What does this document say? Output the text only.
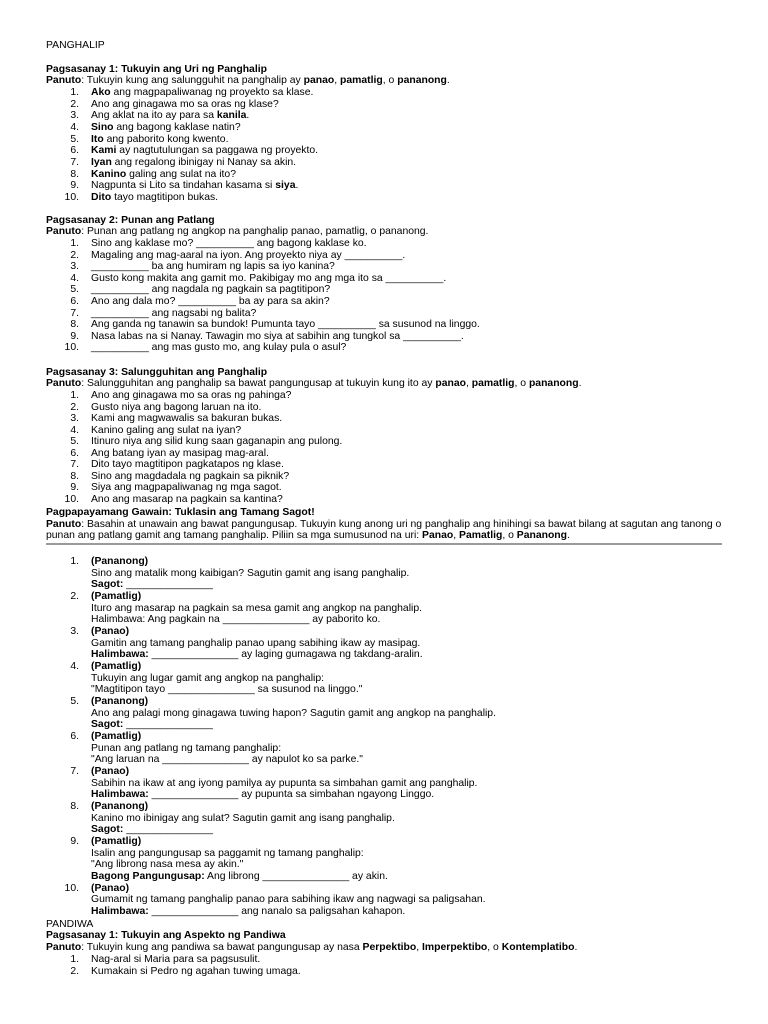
PANGHALIP
Pagsasanay 1: Tukuyin ang Uri ng Panghalip
Panuto: Tukuyin kung ang salungguhit na panghalip ay panao, pamatlig, o pananong.
1. Ako ang magpapaliwanag ng proyekto sa klase.
2. Ano ang ginagawa mo sa oras ng klase?
3. Ang aklat na ito ay para sa kanila.
4. Sino ang bagong kaklase natin?
5. Ito ang paborito kong kwento.
6. Kami ay nagtutulungan sa paggawa ng proyekto.
7. Iyan ang regalong ibinigay ni Nanay sa akin.
8. Kanino galing ang sulat na ito?
9. Nagpunta si Lito sa tindahan kasama si siya.
10. Dito tayo magtitipon bukas.
Pagsasanay 2: Punan ang Patlang
Panuto: Punan ang patlang ng angkop na panghalip panao, pamatlig, o pananong.
1. Sino ang kaklase mo? __________ ang bagong kaklase ko.
2. Magaling ang mag-aaral na iyon. Ang proyekto niya ay __________.
3. __________ ba ang humiram ng lapis sa iyo kanina?
4. Gusto kong makita ang gamit mo. Pakibigay mo ang mga ito sa __________.
5. __________ ang nagdala ng pagkain sa pagtitipon?
6. Ano ang dala mo? __________ ba ay para sa akin?
7. __________ ang nagsabi ng balita?
8. Ang ganda ng tanawin sa bundok! Pumunta tayo __________ sa susunod na linggo.
9. Nasa labas na si Nanay. Tawagin mo siya at sabihin ang tungkol sa __________.
10. __________ ang mas gusto mo, ang kulay pula o asul?
Pagsasanay 3: Salungguhitan ang Panghalip
Panuto: Salungguhitan ang panghalip sa bawat pangungusap at tukuyin kung ito ay panao, pamatlig, o pananong.
1. Ano ang ginagawa mo sa oras ng pahinga?
2. Gusto niya ang bagong laruan na ito.
3. Kami ang magwawalis sa bakuran bukas.
4. Kanino galing ang sulat na iyan?
5. Itinuro niya ang silid kung saan gaganapin ang pulong.
6. Ang batang iyan ay masipag mag-aral.
7. Dito tayo magtitipon pagkatapos ng klase.
8. Sino ang magdadala ng pagkain sa piknik?
9. Siya ang magpapaliwanag ng mga sagot.
10. Ano ang masarap na pagkain sa kantina?
Pagpapayamang Gawain: Tuklasin ang Tamang Sagot!
Panuto: Basahin at unawain ang bawat pangungusap. Tukuyin kung anong uri ng panghalip ang hinihingi sa bawat bilang at sagutan ang tanong o
punan ang patlang gamit ang tamang panghalip. Piliin sa mga sumusunod na uri: Panao, Pamatlig, o Pananong.
1. (Pananong)
Sino ang matalik mong kaibigan? Sagutin gamit ang isang panghalip.
Sagot: _______________
2. (Pamatlig)
Ituro ang masarap na pagkain sa mesa gamit ang angkop na panghalip.
Halimbawa: Ang pagkain na _______________ ay paborito ko.
3. (Panao)
Gamitin ang tamang panghalip panao upang sabihing ikaw ay masipag.
Halimbawa: _______________ ay laging gumagawa ng takdang-aralin.
4. (Pamatlig)
Tukuyin ang lugar gamit ang angkop na panghalip:
"Magtitipon tayo _______________ sa susunod na linggo."
5. (Pananong)
Ano ang palagi mong ginagawa tuwing hapon? Sagutin gamit ang angkop na panghalip.
Sagot: _______________
6. (Pamatlig)
Punan ang patlang ng tamang panghalip:
"Ang laruan na _______________ ay napulot ko sa parke."
7. (Panao)
Sabihin na ikaw at ang iyong pamilya ay pupunta sa simbahan gamit ang panghalip.
Halimbawa: _______________ ay pupunta sa simbahan ngayong Linggo.
8. (Pananong)
Kanino mo ibinigay ang sulat? Sagutin gamit ang isang panghalip.
Sagot: _______________
9. (Pamatlig)
Isalin ang pangungusap sa paggamit ng tamang panghalip:
"Ang librong nasa mesa ay akin."
Bagong Pangungusap: Ang librong _______________ ay akin.
10. (Panao)
Gumamit ng tamang panghalip panao para sabihing ikaw ang nagwagi sa paligsahan.
Halimbawa: _______________ ang nanalo sa paligsahan kahapon.
PANDIWA
Pagsasanay 1: Tukuyin ang Aspekto ng Pandiwa
Panuto: Tukuyin kung ang pandiwa sa bawat pangungusap ay nasa Perpektibo, Imperpektibo, o Kontemplatibo.
1. Nag-aral si Maria para sa pagsusulit.
2. Kumakain si Pedro ng agahan tuwing umaga.
